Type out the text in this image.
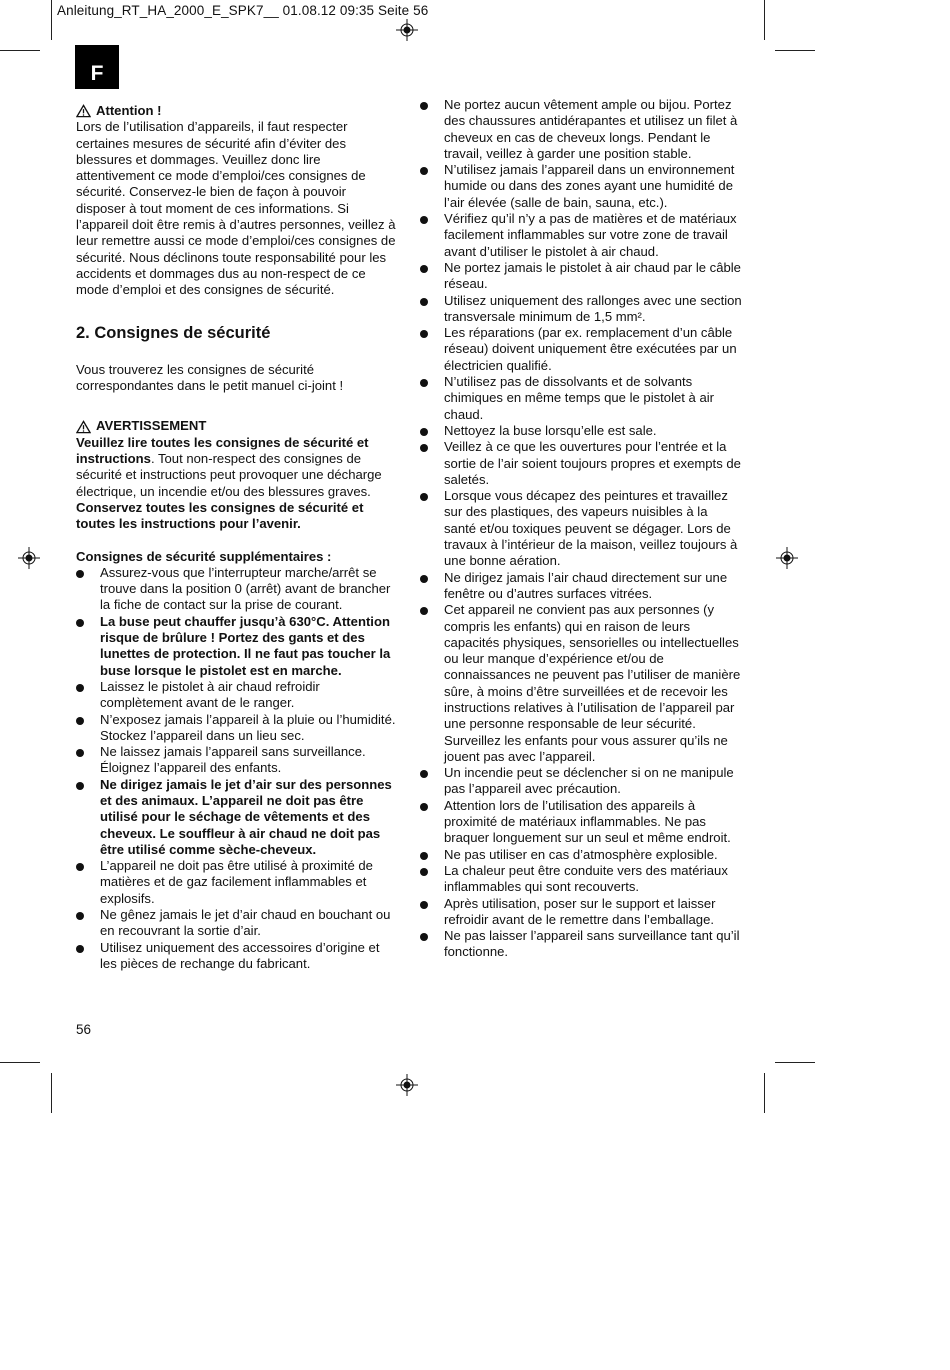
Anleitung_RT_HA_2000_E_SPK7__ 01.08.12 09:35 Seite 56
F
Attention !

Lors de l’utilisation d’appareils, il faut respecter certaines mesures de sécurité afin d’éviter des blessures et dommages. Veuillez donc lire attentivement ce mode d’emploi/ces consignes de sécurité. Conservez-le bien de façon à pouvoir disposer à tout moment de ces informations. Si l’appareil doit être remis à d’autres personnes, veillez à leur remettre aussi ce mode d’emploi/ces consignes de sécurité. Nous déclinons toute responsabilité pour les accidents et dommages dus au non-respect de ce mode d’emploi et des consignes de sécurité.

2. Consignes de sécurité

Vous trouverez les consignes de sécurité correspondantes dans le petit manuel ci-joint !

AVERTISSEMENT

Veuillez lire toutes les consignes de sécurité et instructions. Tout non-respect des consignes de sécurité et instructions peut provoquer une décharge électrique, un incendie et/ou des blessures graves.

Conservez toutes les consignes de sécurité et toutes les instructions pour l’avenir.

Consignes de sécurité supplémentaires :

Assurez-vous que l’interrupteur marche/arrêt se trouve dans la position 0 (arrêt) avant de brancher la fiche de contact sur la prise de courant.
La buse peut chauffer jusqu’à 630°C. Attention risque de brûlure ! Portez des gants et des lunettes de protection. Il ne faut pas toucher la buse lorsque le pistolet est en marche.
Laissez le pistolet à air chaud refroidir complètement avant de le ranger.
N’exposez jamais l’appareil à la pluie ou l’humidité. Stockez l’appareil dans un lieu sec.
Ne laissez jamais l’appareil sans surveillance. Éloignez l’appareil des enfants.
Ne dirigez jamais le jet d’air sur des personnes et des animaux. L’appareil ne doit pas être utilisé pour le séchage de vêtements et des cheveux. Le souffleur à air chaud ne doit pas être utilisé comme sèche-cheveux.
L’appareil ne doit pas être utilisé à proximité de matières et de gaz facilement inflammables et explosifs.
Ne gênez jamais le jet d’air chaud en bouchant ou en recouvrant la sortie d’air.
Utilisez uniquement des accessoires d’origine et les pièces de rechange du fabricant.
Ne portez aucun vêtement ample ou bijou. Portez des chaussures antidérapantes et utilisez un filet à cheveux en cas de cheveux longs. Pendant le travail, veillez à garder une position stable.
N’utilisez jamais l’appareil dans un environnement humide ou dans des zones ayant une humidité de l’air élevée (salle de bain, sauna, etc.).
Vérifiez qu’il n’y a pas de matières et de matériaux facilement inflammables sur votre zone de travail avant d’utiliser le pistolet à air chaud.
Ne portez jamais le pistolet à air chaud par le câble réseau.
Utilisez uniquement des rallonges avec une section transversale minimum de 1,5 mm².
Les réparations (par ex. remplacement d’un câble réseau) doivent uniquement être exécutées par un électricien qualifié.
N’utilisez pas de dissolvants et de solvants chimiques en même temps que le pistolet à air chaud.
Nettoyez la buse lorsqu’elle est sale.
Veillez à ce que les ouvertures pour l’entrée et la sortie de l’air soient toujours propres et exempts de saletés.
Lorsque vous décapez des peintures et travaillez sur des plastiques, des vapeurs nuisibles à la santé et/ou toxiques peuvent se dégager. Lors de travaux à l’intérieur de la maison, veillez toujours à une bonne aération.
Ne dirigez jamais l’air chaud directement sur une fenêtre ou d’autres surfaces vitrées.
Cet appareil ne convient pas aux personnes (y compris les enfants) qui en raison de leurs capacités physiques, sensorielles ou intellectuelles ou leur manque d’expérience et/ou de connaissances ne peuvent pas l’utiliser de manière sûre, à moins d’être surveillées et de recevoir les instructions relatives à l’utilisation de l’appareil par une personne responsable de leur sécurité. Surveillez les enfants pour vous assurer qu’ils ne jouent pas avec l’appareil.
Un incendie peut se déclencher si on ne manipule pas l’appareil avec précaution.
Attention lors de l’utilisation des appareils à proximité de matériaux inflammables. Ne pas braquer longuement sur un seul et même endroit.
Ne pas utiliser en cas d’atmosphère explosible.
La chaleur peut être conduite vers des matériaux inflammables qui sont recouverts.
Après utilisation, poser sur le support et laisser refroidir avant de le remettre dans l’emballage.
Ne pas laisser l’appareil sans surveillance tant qu’il fonctionne.
56
